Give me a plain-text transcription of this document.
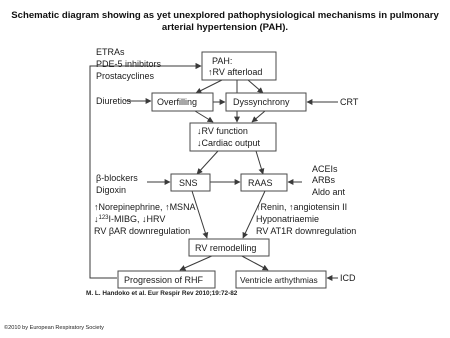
Schematic diagram showing as yet unexplored pathophysiological mechanisms in pulmonary
arterial hypertension (PAH).
PAH:
↑RV afterload
Overfilling	Dyssynchrony
↓RV function
↓Cardiac output
SNS	RAAS
RV remodelling
Progression of RHF	Ventricle arthythmias
ETRAs
PDE-5 inhibitors
Prostacyclines
Diuretics	CRT
β-blockers
Digoxin
ACEIs
ARBs
Aldo ant
↑Norepinephrine, ↑MSNA
↓$^{123}$I-MIBG, ↓HRV
RV βAR downregulation
↑Renin, ↑angiotensin II
Hyponatriaemie
RV AT1R downregulation
ICD
M. L. Handoko et al. Eur Respir Rev 2010;19:72-82
©2010 by European Respiratory Society
